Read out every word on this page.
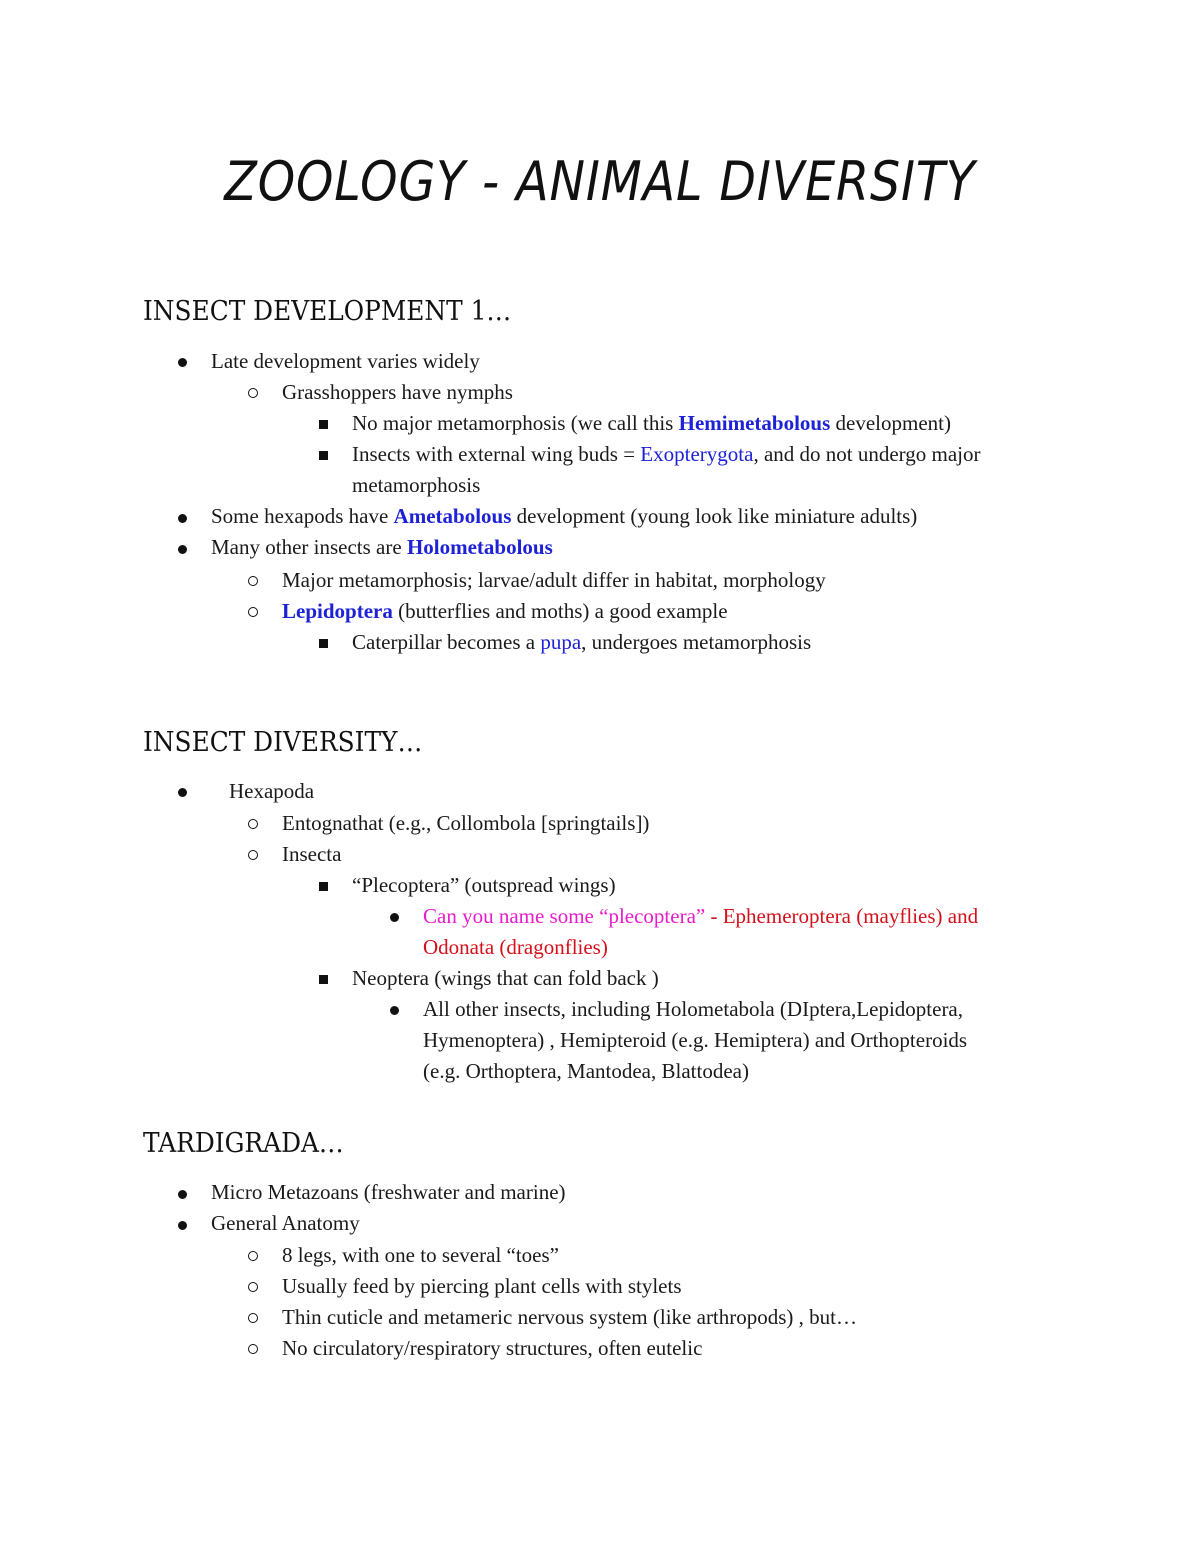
ZOOLOGY - ANIMAL DIVERSITY
INSECT DEVELOPMENT 1…
Late development varies widely
Grasshoppers have nymphs
No major metamorphosis (we call this Hemimetabolous development)
Insects with external wing buds = Exopterygota, and do not undergo major
metamorphosis
Some hexapods have Ametabolous development (young look like miniature adults)
Many other insects are Holometabolous
Major metamorphosis; larvae/adult differ in habitat, morphology
Lepidoptera (butterflies and moths) a good example
Caterpillar becomes a pupa, undergoes metamorphosis
INSECT DIVERSITY…
Hexapoda
Entognathat (e.g., Collombola [springtails])
Insecta
“Plecoptera” (outspread wings)
Can you name some “plecoptera” - Ephemeroptera (mayflies) and
Odonata (dragonflies)
Neoptera (wings that can fold back )
All other insects, including Holometabola (DIptera,Lepidoptera,
Hymenoptera) , Hemipteroid (e.g. Hemiptera) and Orthopteroids
(e.g. Orthoptera, Mantodea, Blattodea)
TARDIGRADA…
Micro Metazoans (freshwater and marine)
General Anatomy
8 legs, with one to several “toes”
Usually feed by piercing plant cells with stylets
Thin cuticle and metameric nervous system (like arthropods) , but…
No circulatory/respiratory structures, often eutelic
